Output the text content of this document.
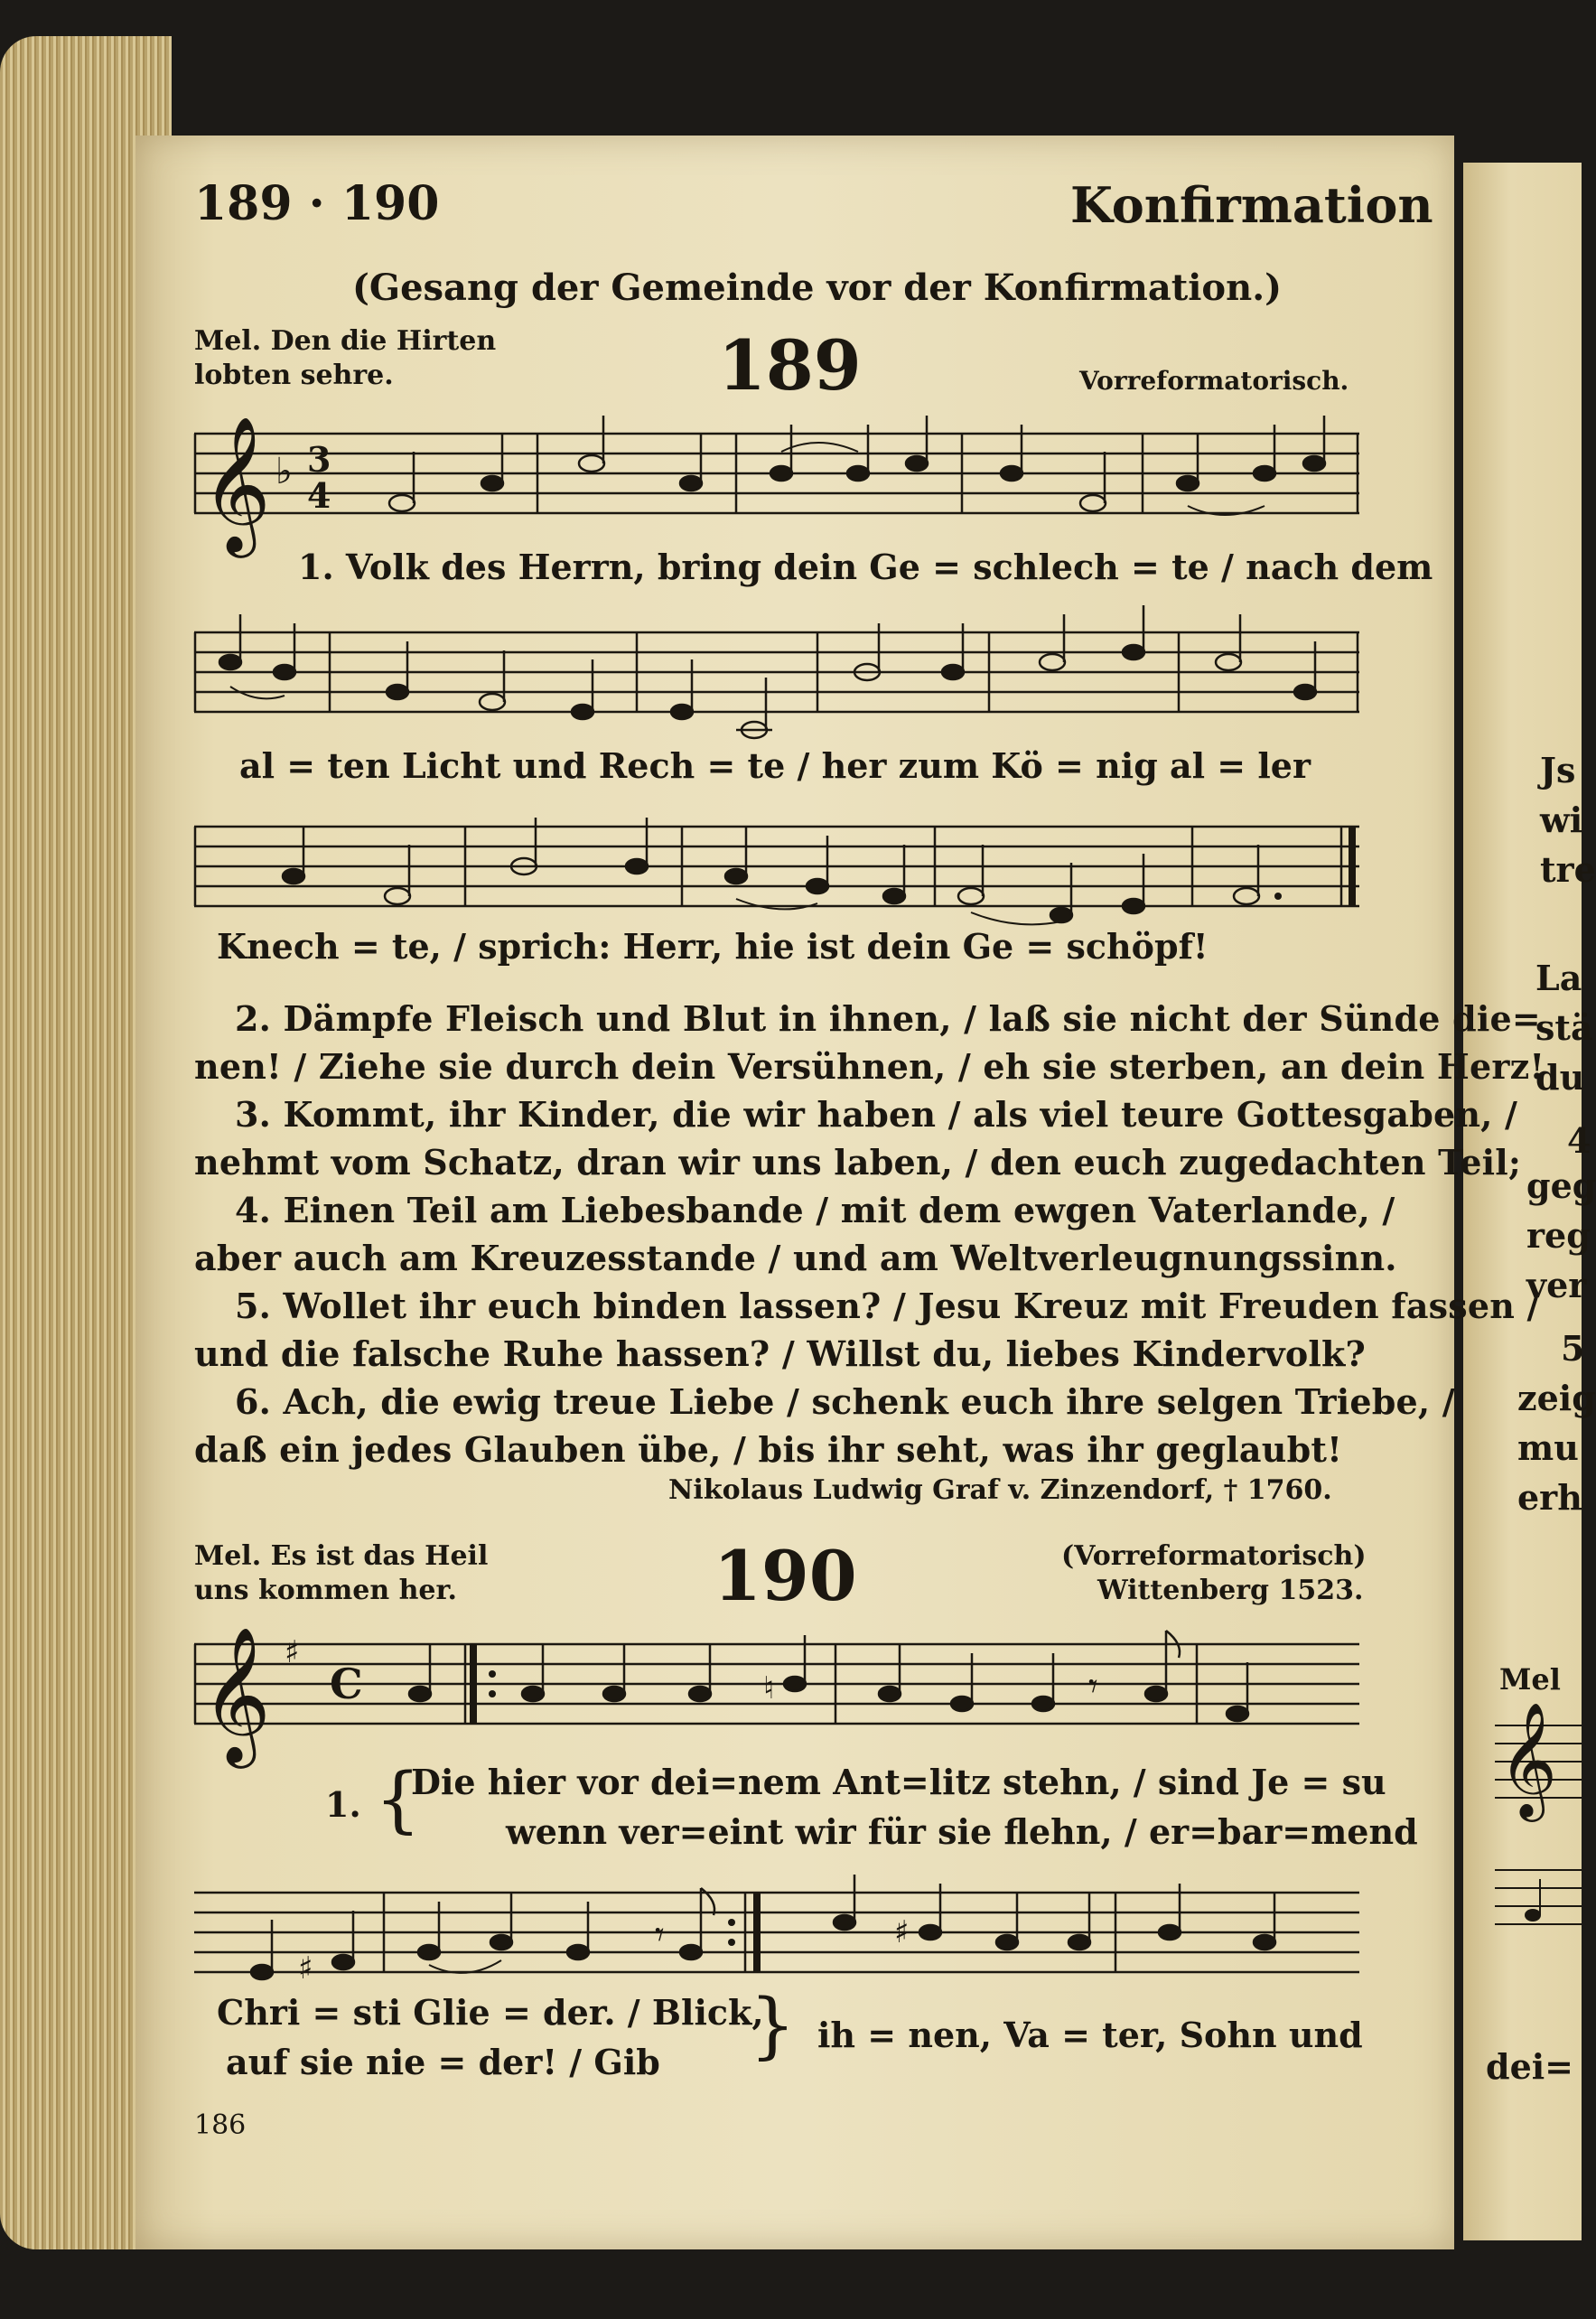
Js
wi
tre
La
stä
du
4
geg
reg
ver
5
zeig
mu
erh
Mel
dei=
𝄞
189 · 190	Konfirmation
(Gesang der Gemeinde vor der Konfirmation.)
Mel. Den die Hirten
lobten sehre.	189	Vorreformatorisch.
𝄞 ♭ 3
4
1. Volk des Herrn, bring dein Ge = schlech = te / nach dem
al = ten Licht und Rech = te / her zum Kö = nig al = ler
Knech = te, / sprich: Herr, hie ist dein Ge = schöpf!
2. Dämpfe Fleisch und Blut in ihnen, / laß sie nicht der Sünde die=
nen! / Ziehe sie durch dein Versühnen, / eh sie sterben, an dein Herz!
3. Kommt, ihr Kinder, die wir haben / als viel teure Gottesgaben, /
nehmt vom Schatz, dran wir uns laben, / den euch zugedachten Teil;
4. Einen Teil am Liebesbande / mit dem ewgen Vaterlande, /
aber auch am Kreuzesstande / und am Weltverleugnungssinn.
5. Wollet ihr euch binden lassen? / Jesu Kreuz mit Freuden fassen /
und die falsche Ruhe hassen? / Willst du, liebes Kindervolk?
6. Ach, die ewig treue Liebe / schenk euch ihre selgen Triebe, /
daß ein jedes Glauben übe, / bis ihr seht, was ihr geglaubt!
Nikolaus Ludwig Graf v. Zinzendorf, † 1760.
Mel. Es ist das Heil
uns kommen her.	190	(Vorreformatorisch)
Wittenberg 1523.
𝄞 ♯
C	♮	𝄾
1. {
Die hier vor dei=nem Ant=litz stehn, / sind Je = su
wenn ver=eint wir für sie flehn, / er=bar=mend
♯
♯
𝄾
Chri = sti Glie = der. / Blick,
auf sie nie = der! / Gib } ih = nen, Va = ter, Sohn und
186
